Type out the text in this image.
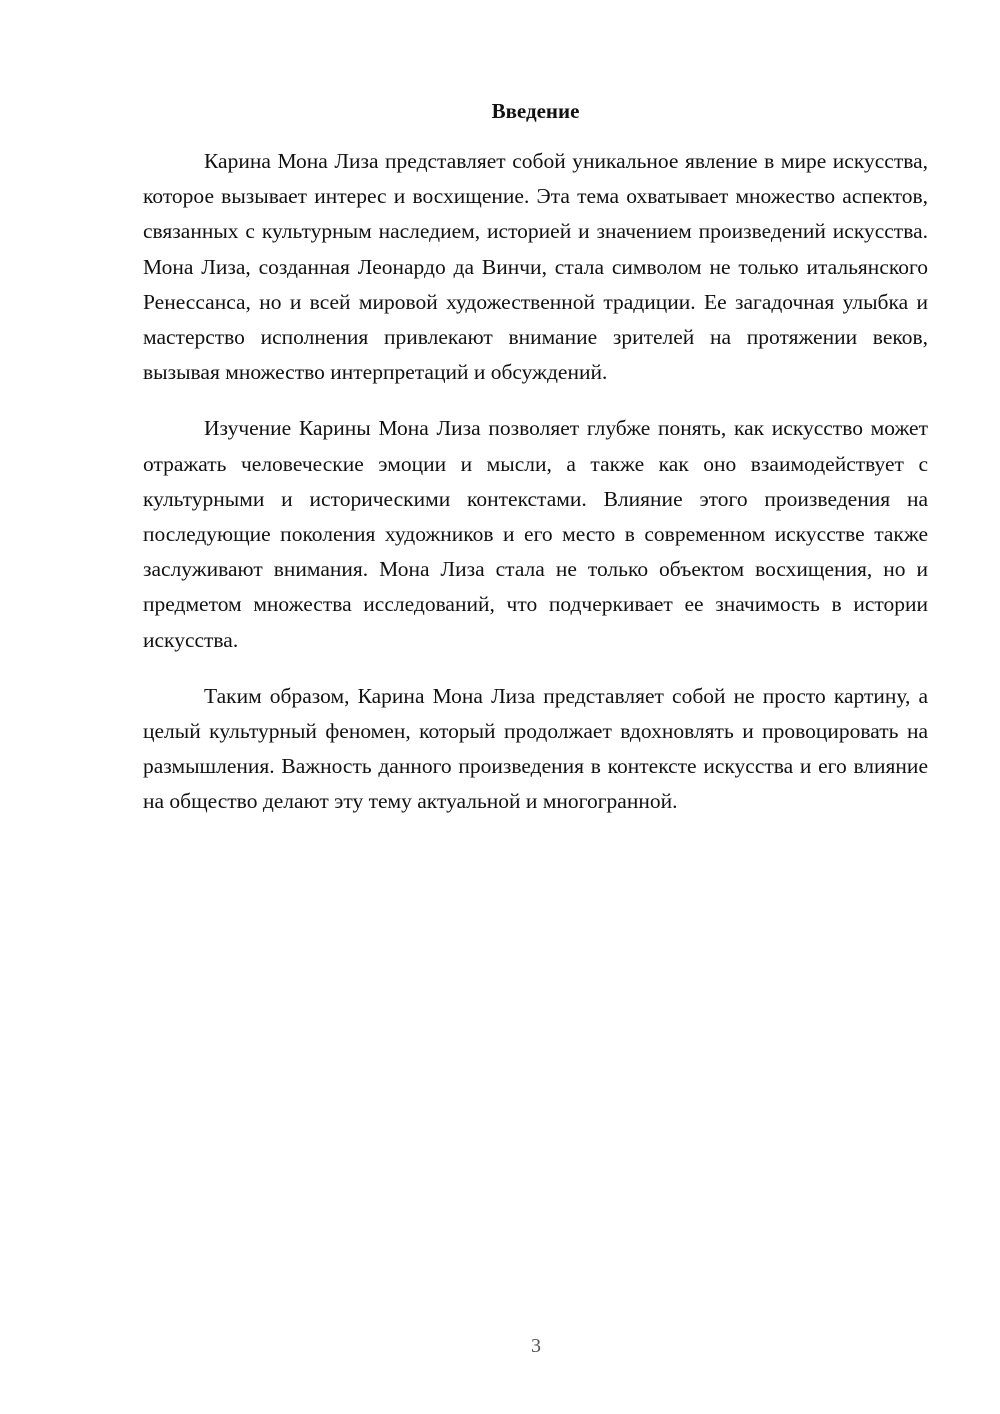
Введение

Карина Мона Лиза представляет собой уникальное явление в мире искусства, которое вызывает интерес и восхищение. Эта тема охватывает множество аспектов, связанных с культурным наследием, историей и значением произведений искусства. Мона Лиза, созданная Леонардо да Винчи, стала символом не только итальянского Ренессанса, но и всей мировой художественной традиции. Ее загадочная улыбка и мастерство исполнения привлекают внимание зрителей на протяжении веков, вызывая множество интерпретаций и обсуждений.

Изучение Карины Мона Лиза позволяет глубже понять, как искусство может отражать человеческие эмоции и мысли, а также как оно взаимодействует с культурными и историческими контекстами. Влияние этого произведения на последующие поколения художников и его место в современном искусстве также заслуживают внимания. Мона Лиза стала не только объектом восхищения, но и предметом множества исследований, что подчеркивает ее значимость в истории искусства.

Таким образом, Карина Мона Лиза представляет собой не просто картину, а целый культурный феномен, который продолжает вдохновлять и провоцировать на размышления. Важность данного произведения в контексте искусства и его влияние на общество делают эту тему актуальной и многогранной.

3
